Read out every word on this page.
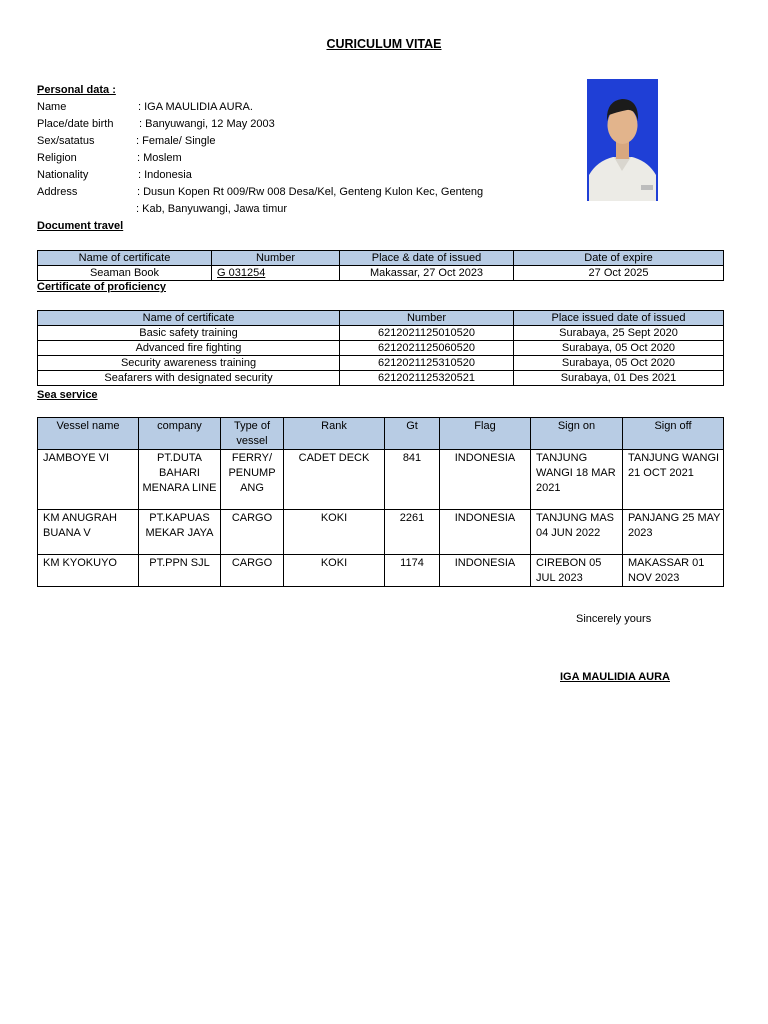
CURICULUM VITAE
Personal data :
Name	: IGA MAULIDIA AURA.
Place/date birth : Banyuwangi, 12 May 2003
Sex/satatus	: Female/ Single
Religion	: Moslem
Nationality	: Indonesia
Address	: Dusun Kopen Rt 009/Rw 008 Desa/Kel, Genteng Kulon Kec, Genteng
: Kab, Banyuwangi, Jawa timur
Document travel
Name of certificate	Number	Place & date of issued	Date of expire
Seaman Book	G 031254	Makassar, 27 Oct 2023	27 Oct 2025
Certificate of proficiency
Name of certificate	Number	Place issued date of issued
Basic safety training	6212021125010520	Surabaya, 25 Sept 2020
Advanced fire fighting	6212021125060520	Surabaya, 05 Oct 2020
Security awareness training	6212021125310520	Surabaya, 05 Oct 2020
Seafarers with designated security	6212021125320521	Surabaya, 01 Des 2021
Sea service
Vessel name	company	Type of vessel	Rank	Gt	Flag	Sign on	Sign off
JAMBOYE VI	PT.DUTA BAHARI MENARA LINE	FERRY/ PENUMP ANG	CADET DECK	841	INDONESIA	TANJUNG WANGI 18 MAR 2021	TANJUNG WANGI 21 OCT 2021
KM ANUGRAH BUANA V	PT.KAPUAS MEKAR JAYA	CARGO	KOKI	2261	INDONESIA	TANJUNG MAS 04 JUN 2022	PANJANG 25 MAY 2023
KM KYOKUYO	PT.PPN SJL	CARGO	KOKI	1174	INDONESIA	CIREBON 05 JUL 2023	MAKASSAR 01 NOV 2023
Sincerely yours
IGA MAULIDIA AURA
